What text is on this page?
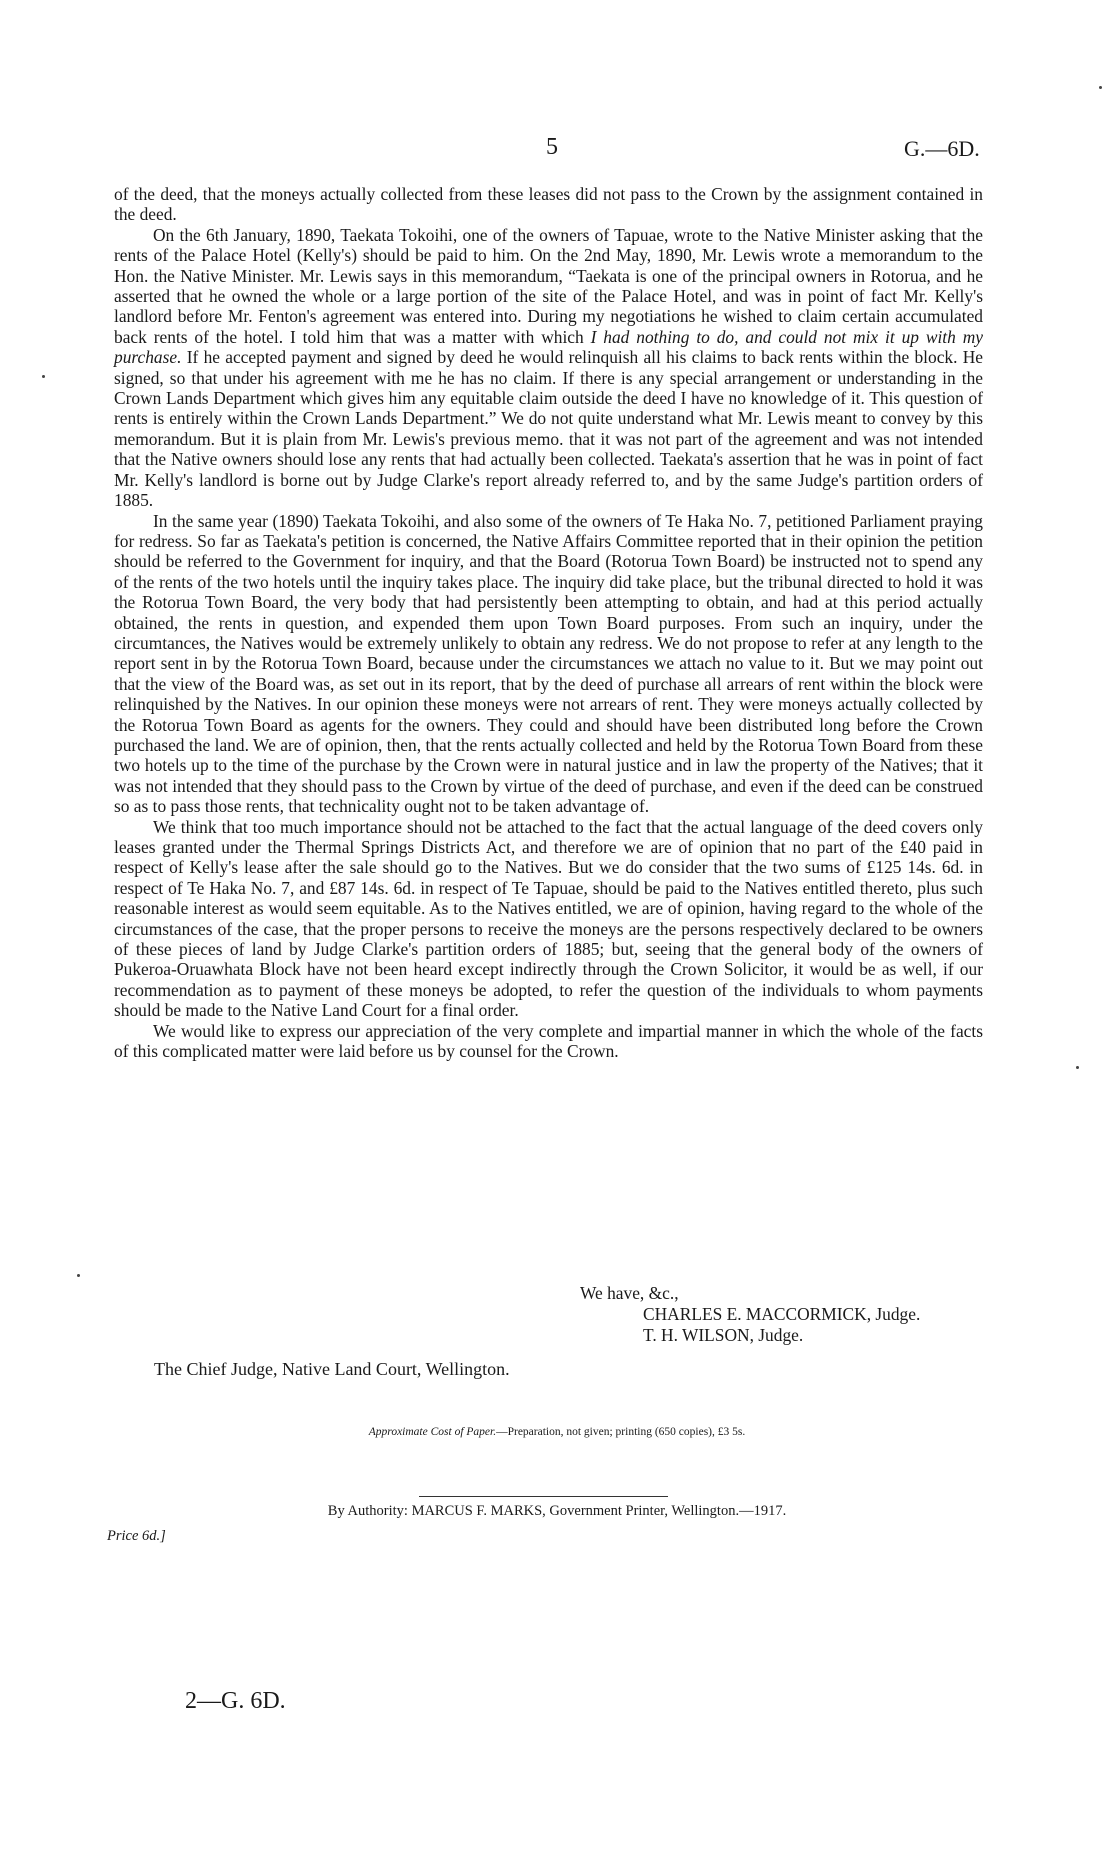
5	G.—6D.

of the deed, that the moneys actually collected from these leases did not pass to the Crown by the assignment contained in the deed.

On the 6th January, 1890, Taekata Tokoihi, one of the owners of Tapuae, wrote to the Native Minister asking that the rents of the Palace Hotel (Kelly's) should be paid to him. On the 2nd May, 1890, Mr. Lewis wrote a memorandum to the Hon. the Native Minister. Mr. Lewis says in this memorandum, “Taekata is one of the principal owners in Rotorua, and he asserted that he owned the whole or a large portion of the site of the Palace Hotel, and was in point of fact Mr. Kelly's landlord before Mr. Fenton's agreement was entered into. During my negotiations he wished to claim certain accumulated back rents of the hotel. I told him that was a matter with which I had nothing to do, and could not mix it up with my purchase. If he accepted payment and signed by deed he would relinquish all his claims to back rents within the block. He signed, so that under his agreement with me he has no claim. If there is any special arrangement or understanding in the Crown Lands Department which gives him any equitable claim outside the deed I have no knowledge of it. This question of rents is entirely within the Crown Lands Department.” We do not quite understand what Mr. Lewis meant to convey by this memorandum. But it is plain from Mr. Lewis's previous memo. that it was not part of the agreement and was not intended that the Native owners should lose any rents that had actually been collected. Taekata's assertion that he was in point of fact Mr. Kelly's landlord is borne out by Judge Clarke's report already referred to, and by the same Judge's partition orders of 1885.

In the same year (1890) Taekata Tokoihi, and also some of the owners of Te Haka No. 7, petitioned Parliament praying for redress. So far as Taekata's petition is concerned, the Native Affairs Committee reported that in their opinion the petition should be referred to the Government for inquiry, and that the Board (Rotorua Town Board) be instructed not to spend any of the rents of the two hotels until the inquiry takes place. The inquiry did take place, but the tribunal directed to hold it was the Rotorua Town Board, the very body that had persistently been attempting to obtain, and had at this period actually obtained, the rents in question, and expended them upon Town Board purposes. From such an inquiry, under the circumtances, the Natives would be extremely unlikely to obtain any redress. We do not propose to refer at any length to the report sent in by the Rotorua Town Board, because under the circumstances we attach no value to it. But we may point out that the view of the Board was, as set out in its report, that by the deed of purchase all arrears of rent within the block were relinquished by the Natives. In our opinion these moneys were not arrears of rent. They were moneys actually collected by the Rotorua Town Board as agents for the owners. They could and should have been distributed long before the Crown purchased the land. We are of opinion, then, that the rents actually collected and held by the Rotorua Town Board from these two hotels up to the time of the purchase by the Crown were in natural justice and in law the property of the Natives; that it was not intended that they should pass to the Crown by virtue of the deed of purchase, and even if the deed can be construed so as to pass those rents, that technicality ought not to be taken advantage of.

We think that too much importance should not be attached to the fact that the actual language of the deed covers only leases granted under the Thermal Springs Districts Act, and therefore we are of opinion that no part of the £40 paid in respect of Kelly's lease after the sale should go to the Natives. But we do consider that the two sums of £125 14s. 6d. in respect of Te Haka No. 7, and £87 14s. 6d. in respect of Te Tapuae, should be paid to the Natives entitled thereto, plus such reasonable interest as would seem equitable. As to the Natives entitled, we are of opinion, having regard to the whole of the circumstances of the case, that the proper persons to receive the moneys are the persons respectively declared to be owners of these pieces of land by Judge Clarke's partition orders of 1885; but, seeing that the general body of the owners of Pukeroa-Oruawhata Block have not been heard except indirectly through the Crown Solicitor, it would be as well, if our recommendation as to payment of these moneys be adopted, to refer the question of the individuals to whom payments should be made to the Native Land Court for a final order.

We would like to express our appreciation of the very complete and impartial manner in which the whole of the facts of this complicated matter were laid before us by counsel for the Crown.

We have, &c.,
CHARLES E. MACCORMICK, Judge.
T. H. WILSON, Judge.
The Chief Judge, Native Land Court, Wellington.
Approximate Cost of Paper.—Preparation, not given; printing (650 copies), £3 5s.
By Authority: MARCUS F. MARKS, Government Printer, Wellington.—1917.
Price 6d.]
2—G. 6D.
